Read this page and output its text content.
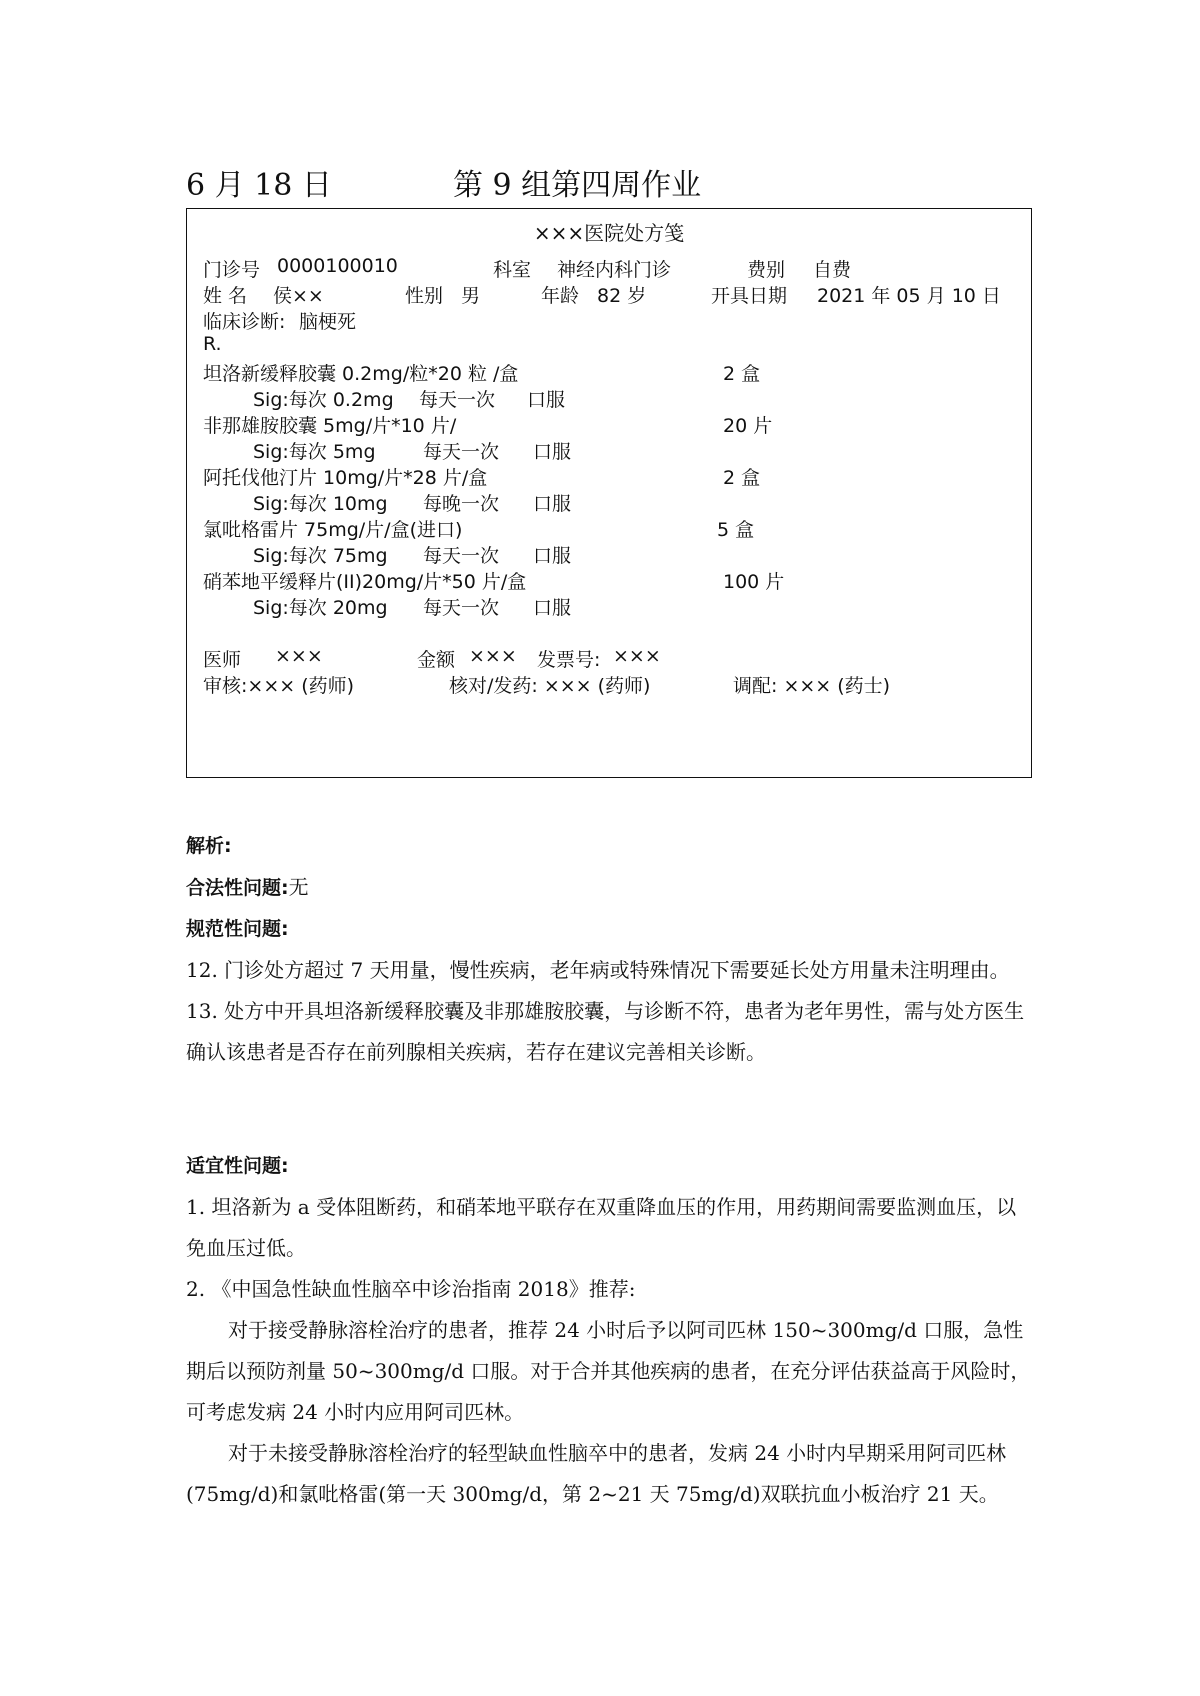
6 月 18 日	第 9 组第四周作业
×××医院处方笺
门诊号 0000100010	科室 神经内科门诊	费别 自费
姓 名 侯××	性别 男	年龄 82 岁	开具日期 2021 年 05 月 10 日
临床诊断: 脑梗死
R.
坦洛新缓释胶囊 0.2mg/粒*20 粒 /盒	2 盒
Sig:每次 0.2mg 每天一次 口服
非那雄胺胶囊 5mg/片*10 片/	20 片
Sig:每次 5mg	每天一次 口服
阿托伐他汀片 10mg/片*28 片/盒	2 盒
Sig:每次 10mg 每晚一次 口服
氯吡格雷片 75mg/片/盒(进口)	5 盒
Sig:每次 75mg 每天一次 口服
硝苯地平缓释片(II)20mg/片*50 片/盒	100 片
Sig:每次 20mg 每天一次 口服
医师 ×××	金额 ××× 发票号: ×××
审核:××× (药师)	核对/发药: ××× (药师)	调配: ××× (药士)

解析:

合法性问题:无

规范性问题:

12. 门诊处方超过 7 天用量，慢性疾病，老年病或特殊情况下需要延长处方用量未注明理由。

13. 处方中开具坦洛新缓释胶囊及非那雄胺胶囊，与诊断不符，患者为老年男性，需与处方医生确认该患者是否存在前列腺相关疾病，若存在建议完善相关诊断。

适宜性问题:

1. 坦洛新为 a 受体阻断药，和硝苯地平联存在双重降血压的作用，用药期间需要监测血压，以免血压过低。

2. 《中国急性缺血性脑卒中诊治指南 2018》推荐:

对于接受静脉溶栓治疗的患者，推荐 24 小时后予以阿司匹林 150~300mg/d 口服，急性期后以预防剂量 50~300mg/d 口服。对于合并其他疾病的患者，在充分评估获益高于风险时，可考虑发病 24 小时内应用阿司匹林。

对于未接受静脉溶栓治疗的轻型缺血性脑卒中的患者，发病 24 小时内早期采用阿司匹林(75mg/d)和氯吡格雷(第一天 300mg/d，第 2~21 天 75mg/d)双联抗血小板治疗 21 天。
